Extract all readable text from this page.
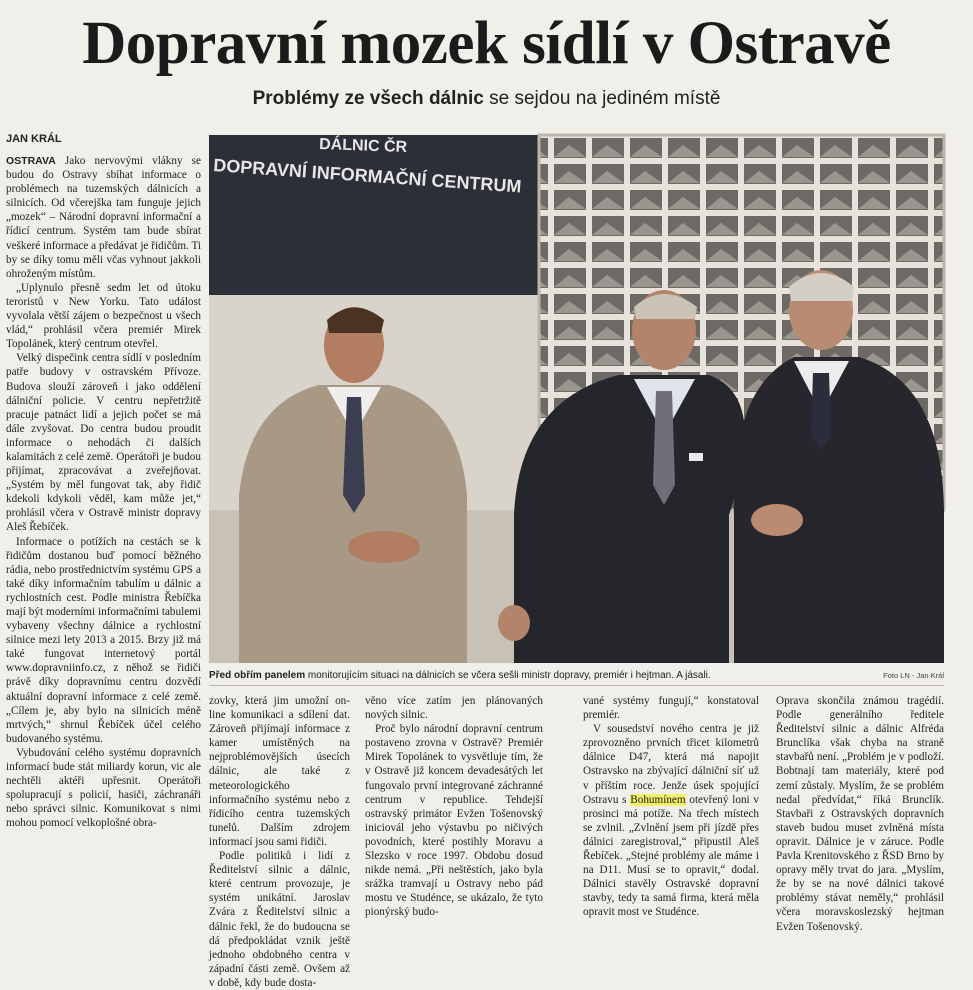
Dopravní mozek sídlí v Ostravě
Problémy ze všech dálnic se sejdou na jediném místě
JAN KRÁL

OSTRAVA Jako nervovými vlákny se budou do Ostravy sbíhat informace o problémech na tuzemských dálnicích a silnicích. Od včerejška tam funguje jejich „mozek“ – Národní dopravní informační a řídicí centrum. Systém tam bude sbírat veškeré informace a předávat je řidičům. Ti by se díky tomu měli včas vyhnout jakkoli ohroženým místům.

„Uplynulo přesně sedm let od útoku teroristů v New Yorku. Tato událost vyvolala větší zájem o bezpečnost u všech vlád,“ prohlásil včera premiér Mirek Topolánek, který centrum otevřel.

Velký dispečink centra sídlí v posledním patře budovy v ostravském Přívoze. Budova slouží zároveň i jako oddělení dálniční policie. V centru nepřetržitě pracuje patnáct lidí a jejich počet se má dále zvyšovat. Do centra budou proudit informace o nehodách či dalších kalamitách z celé země. Operátoři je budou přijímat, zpracovávat a zveřejňovat. „Systém by měl fungovat tak, aby řidič kdekoli kdykoli věděl, kam může jet,“ prohlásil včera v Ostravě ministr dopravy Aleš Řebíček.

Informace o potížích na cestách se k řidičům dostanou buď pomocí běžného rádia, nebo prostřednictvím systému GPS a také díky informačním tabulím u dálnic a rychlostních cest. Podle ministra Řebíčka mají být moderními informačními tabulemi vybaveny všechny dálnice a rychlostní silnice mezi lety 2013 a 2015. Brzy již má také fungovat internetový portál www.dopravniinfo.cz, z něhož se řidiči právě díky dopravnímu centru dozvědí aktuální dopravní informace z celé země. „Cílem je, aby bylo na silnicích méně mrtvých,“ shrnul Řebíček účel celého budovaného systému.

Vybudování celého systému dopravních informací bude stát miliardy korun, vic ale nechtěli aktéři upřesnit. Operátoři spolupracují s policií, hasiči, záchranáři nebo správci silnic. Komunikovat s nimi mohou pomocí velkoplošné obra-

DÁLNIC ČR
DOPRAVNÍ INFORMAČNÍ CENTRUM
Před obřím panelem monitorujícím situaci na dálnicích se včera sešli ministr dopravy, premiér i hejtman. A jásali.	Foto LN - Jan Král

zovky, která jim umožní on-line komunikaci a sdílení dat. Zároveň přijímají informace z kamer umístěných na nejproblémovějších úsecích dálnic, ale také z meteorologického informačního systému nebo z řídicího centra tuzemských tunelů. Dalším zdrojem informací jsou sami řidiči.

Podle politiků i lidí z Ředitelství silnic a dálnic, které centrum provozuje, je systém unikátní. Jaroslav Zvára z Ředitelství silnic a dálnic řekl, že do budoucna se dá předpokládat vznik ještě jednoho obdobného centra v západní části země. Ovšem až v době, kdy bude dosta-

věno více zatím jen plánovaných nových silnic.

Proč bylo národní dopravní centrum postaveno zrovna v Ostravě? Premiér Mirek Topolánek to vysvětluje tím, že v Ostravě již koncem devadesátých let fungovalo první integrované záchranné centrum v republice. Tehdejší ostravský primátor Evžen Tošenovský iniciovál jeho výstavbu po ničivých povodních, které postihly Moravu a Slezsko v roce 1997. Obdobu dosud nikde nemá. „Při neštěstích, jako byla srážka tramvají u Ostravy nebo pád mostu ve Studénce, se ukázalo, že tyto pionýrský budo-

vané systémy fungují,“ konstatoval premiér.

V sousedství nového centra je již zprovozněno prvních třicet kilometrů dálnice D47, která má napojit Ostravsko na zbývající dálniční síť už v příštím roce. Jenže úsek spojující Ostravu s Bohumínem otevřený loni v prosinci má potíže. Na třech místech se zvlnil. „Zvlnění jsem při jízdě přes dálnici zaregistroval,“ připustil Aleš Řebíček. „Stejné problémy ale máme i na D11. Musí se to opravit,“ dodal. Dálnici stavěly Ostravské dopravní stavby, tedy ta samá firma, která měla opravit most ve Studénce.

Oprava skončila známou tragédií. Podle generálního ředitele Ředitelství silnic a dálnic Alfréda Brunclíka však chyba na straně stavbařů není. „Problém je v podloží. Bobtnají tam materiály, které pod zemí zůstaly. Myslím, že se problém nedal předvídat,“ říká Brunclík. Stavbaři z Ostravských dopravních staveb budou muset zvlněná místa opravit. Dálnice je v záruce. Podle Pavla Krenitovského z ŘSD Brno by opravy měly trvat do jara. „Myslím, že by se na nové dálnici takové problémy stávat neměly,“ prohlásil včera moravskoslezský hejtman Evžen Tošenovský.
